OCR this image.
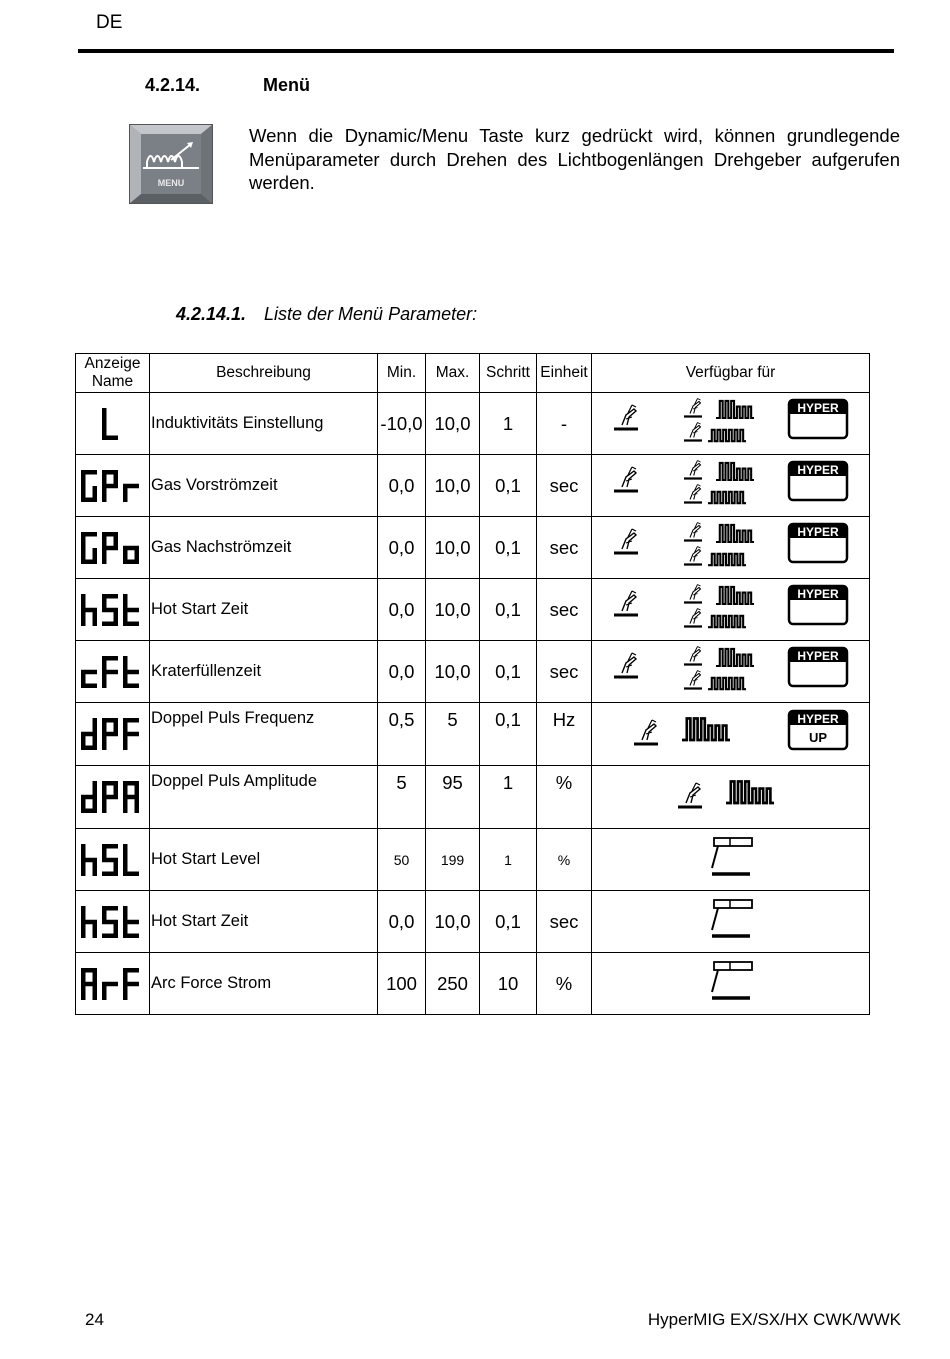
DE
4.2.14.	Menü
MENU
Wenn die Dynamic/Menu Taste kurz gedrückt wird, können grundlegende Menüparameter durch Drehen des Lichtbogenlängen Drehgeber aufgerufen werden.
4.2.14.1. Liste der Menü Parameter:
Anzeige
Name	Beschreibung	Min.	Max.	Schritt	Einheit	Verfügbar für

	Induktivitäts Einstellung	-10,0	10,0	1	-	HYPER

	Gas Vorströmzeit	0,0	10,0	0,1	sec	HYPER

	Gas Nachströmzeit	0,0	10,0	0,1	sec	HYPER

	Hot Start Zeit	0,0	10,0	0,1	sec	HYPER

	Kraterfüllenzeit	0,0	10,0	0,1	sec	HYPER

	Doppel Puls Frequenz	0,5	5	0,1	Hz	HYPER
UP

	Doppel Puls Amplitude	5	95	1	%	

	Hot Start Level	50	199	1	%	

	Hot Start Zeit	0,0	10,0	0,1	sec	

	Arc Force Strom	100	250	10	%	
24	HyperMIG EX/SX/HX CWK/WWK
